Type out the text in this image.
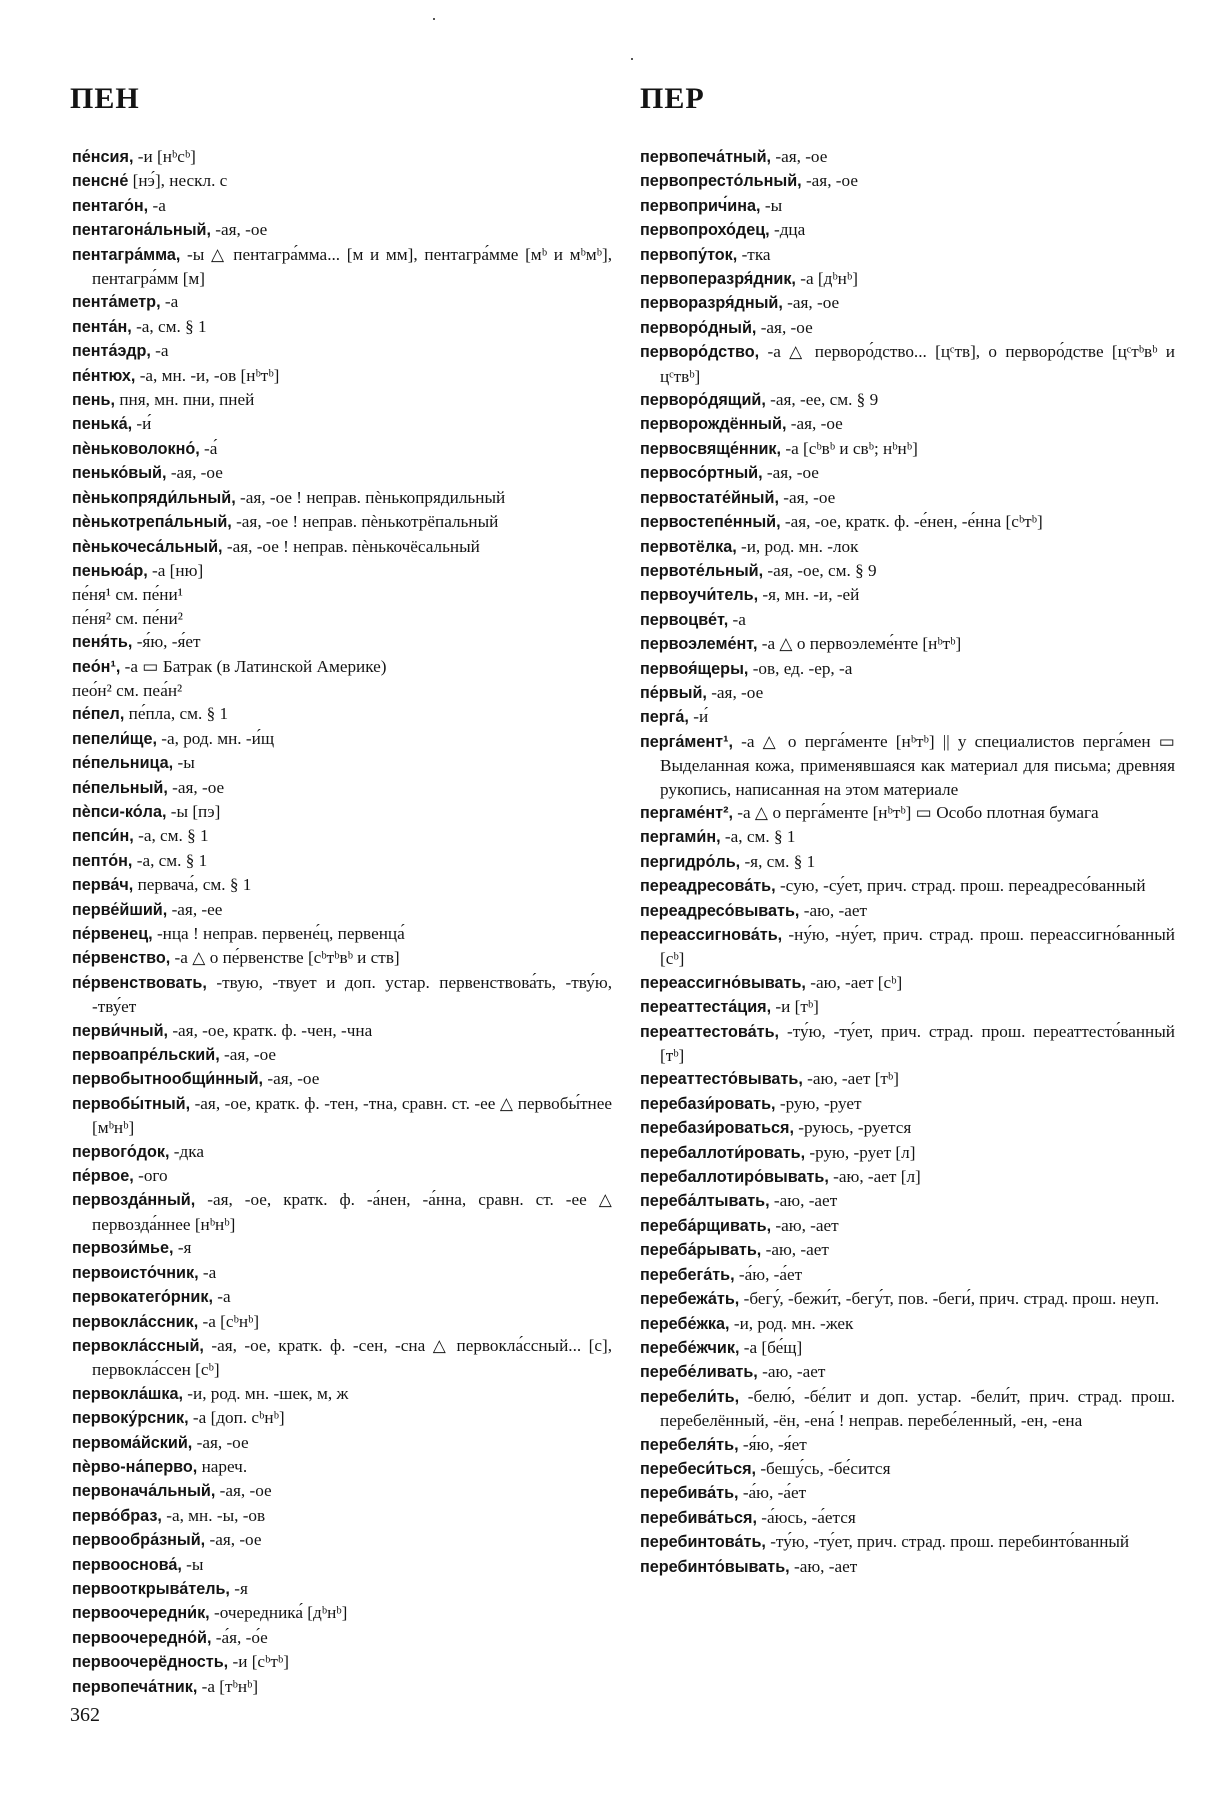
ПЕН	ПЕР
пе́нсия, -и [нᵇсᵇ]
пенсне́ [нэ́], нескл. с
пентаго́н, -а
пентагона́льный, -ая, -ое
пентагра́мма, -ы △ пентагра́мма... [м и мм], пентагра́мме [мᵇ и мᵇмᵇ], пентагра́мм [м]
пента́метр, -а
пента́н, -а, см. § 1
пента́эдр, -а
пе́нтюх, -а, мн. -и, -ов [нᵇтᵇ]
пень, пня, мн. пни, пней
пенька́, -и́
пѐньковолокно́, -а́
пенько́вый, -ая, -ое
пѐнькопряди́льный, -ая, -ое ! неправ. пѐнькопрядильный
пѐнькотрепа́льный, -ая, -ое ! неправ. пѐнькотрёпальный
пѐнькочеса́льный, -ая, -ое ! неправ. пѐнькочёсальный
пеньюа́р, -а [ню]
пе́ня¹ см. пе́ни¹
пе́ня² см. пе́ни²
пеня́ть, -я́ю, -я́ет
пео́н¹, -а ▭ Батрак (в Латинской Америке)
пео́н² см. пеа́н²
пе́пел, пе́пла, см. § 1
пепели́ще, -а, род. мн. -и́щ
пе́пельница, -ы
пе́пельный, -ая, -ое
пѐпси-ко́ла, -ы [пэ]
пепси́н, -а, см. § 1
пепто́н, -а, см. § 1
перва́ч, первача́, см. § 1
перве́йший, -ая, -ее
пе́рвенец, -нца ! неправ. первене́ц, первенца́
пе́рвенство, -а △ о пе́рвенстве [сᵇтᵇвᵇ и ств]
пе́рвенствовать, -твую, -твует и доп. устар. первенствова́ть, -тву́ю, -тву́ет
перви́чный, -ая, -ое, кратк. ф. -чен, -чна
первоапре́льский, -ая, -ое
первобытнообщи́нный, -ая, -ое
первобы́тный, -ая, -ое, кратк. ф. -тен, -тна, сравн. ст. -ее △ первобы́тнее [мᵇнᵇ]
первого́док, -дка
пе́рвое, -ого
первозда́нный, -ая, -ое, кратк. ф. -а́нен, -а́нна, сравн. ст. -ее △ первозда́ннее [нᵇнᵇ]
первози́мье, -я
первоисто́чник, -а
первокатего́рник, -а
первокла́ссник, -а [сᵇнᵇ]
первокла́ссный, -ая, -ое, кратк. ф. -сен, -сна △ первокла́ссный... [с], первокла́ссен [сᵇ]
первокла́шка, -и, род. мн. -шек, м, ж
первоку́рсник, -а [доп. сᵇнᵇ]
первома́йский, -ая, -ое
пѐрво-на́перво, нареч.
первонача́льный, -ая, -ое
перво́браз, -а, мн. -ы, -ов
первообра́зный, -ая, -ое
первооснова́, -ы
первооткрыва́тель, -я
первоочередни́к, -очередника́ [дᵇнᵇ]
первоочередно́й, -а́я, -о́е
первоочерёдность, -и [сᵇтᵇ]
первопеча́тник, -а [тᵇнᵇ]
первопеча́тный, -ая, -ое
первопресто́льный, -ая, -ое
первоприч́ина, -ы
первопрохо́дец, -дца
первопу́ток, -тка
первоперазря́дник, -а [дᵇнᵇ]
перворазря́дный, -ая, -ое
перворо́дный, -ая, -ое
перворо́дство, -а △ перворо́дство... [цᶜтв], о перворо́дстве [цᶜтᵇвᵇ и цᶜтвᵇ]
перворо́дящий, -ая, -ее, см. § 9
перворождённый, -ая, -ое
первосвяще́нник, -а [сᵇвᵇ и свᵇ; нᵇнᵇ]
первосо́ртный, -ая, -ое
первостате́йный, -ая, -ое
первостепе́нный, -ая, -ое, кратк. ф. -е́нен, -е́нна [сᵇтᵇ]
первотёлка, -и, род. мн. -лок
первоте́льный, -ая, -ое, см. § 9
первоучи́тель, -я, мн. -и, -ей
первоцве́т, -а
первоэлеме́нт, -а △ о первоэлеме́нте [нᵇтᵇ]
первоя́щеры, -ов, ед. -ер, -а
пе́рвый, -ая, -ое
перга́, -и́
перга́мент¹, -а △ о перга́менте [нᵇтᵇ] || у специалистов перга́мен ▭ Выделанная кожа, применявшаяся как материал для письма; древняя рукопись, написанная на этом материале
пергаме́нт², -а △ о перга́менте [нᵇтᵇ] ▭ Особо плотная бумага
пергами́н, -а, см. § 1
пергидро́ль, -я, см. § 1
переадресова́ть, -сую, -су́ет, прич. страд. прош. переадресо́ванный
переадресо́вывать, -аю, -ает
переассигнова́ть, -ну́ю, -ну́ет, прич. страд. прош. переассигно́ванный [сᵇ]
переассигно́вывать, -аю, -ает [сᵇ]
переаттеста́ция, -и [тᵇ]
переаттестова́ть, -ту́ю, -ту́ет, прич. страд. прош. переаттесто́ванный [тᵇ]
переаттесто́вывать, -аю, -ает [тᵇ]
перебази́ровать, -рую, -рует
перебази́роваться, -руюсь, -руется
перебаллоти́ровать, -рую, -рует [л]
перебаллотиро́вывать, -аю, -ает [л]
переба́лтывать, -аю, -ает
переба́рщивать, -аю, -ает
переба́рывать, -аю, -ает
перебега́ть, -а́ю, -а́ет
перебежа́ть, -бегу́, -бежи́т, -бегу́т, пов. -беги́, прич. страд. прош. неуп.
перебе́жка, -и, род. мн. -жек
перебе́жчик, -а [бе́щ]
перебе́ливать, -аю, -ает
перебели́ть, -белю́, -бе́лит и доп. устар. -бели́т, прич. страд. прош. перебелённый, -ён, -ена́ ! неправ. перебе́ленный, -ен, -ена
перебеля́ть, -я́ю, -я́ет
перебеси́ться, -бешу́сь, -бе́сится
перебива́ть, -а́ю, -а́ет
перебива́ться, -а́юсь, -а́ется
перебинтова́ть, -ту́ю, -ту́ет, прич. страд. прош. перебинто́ванный
перебинто́вывать, -аю, -ает
362
